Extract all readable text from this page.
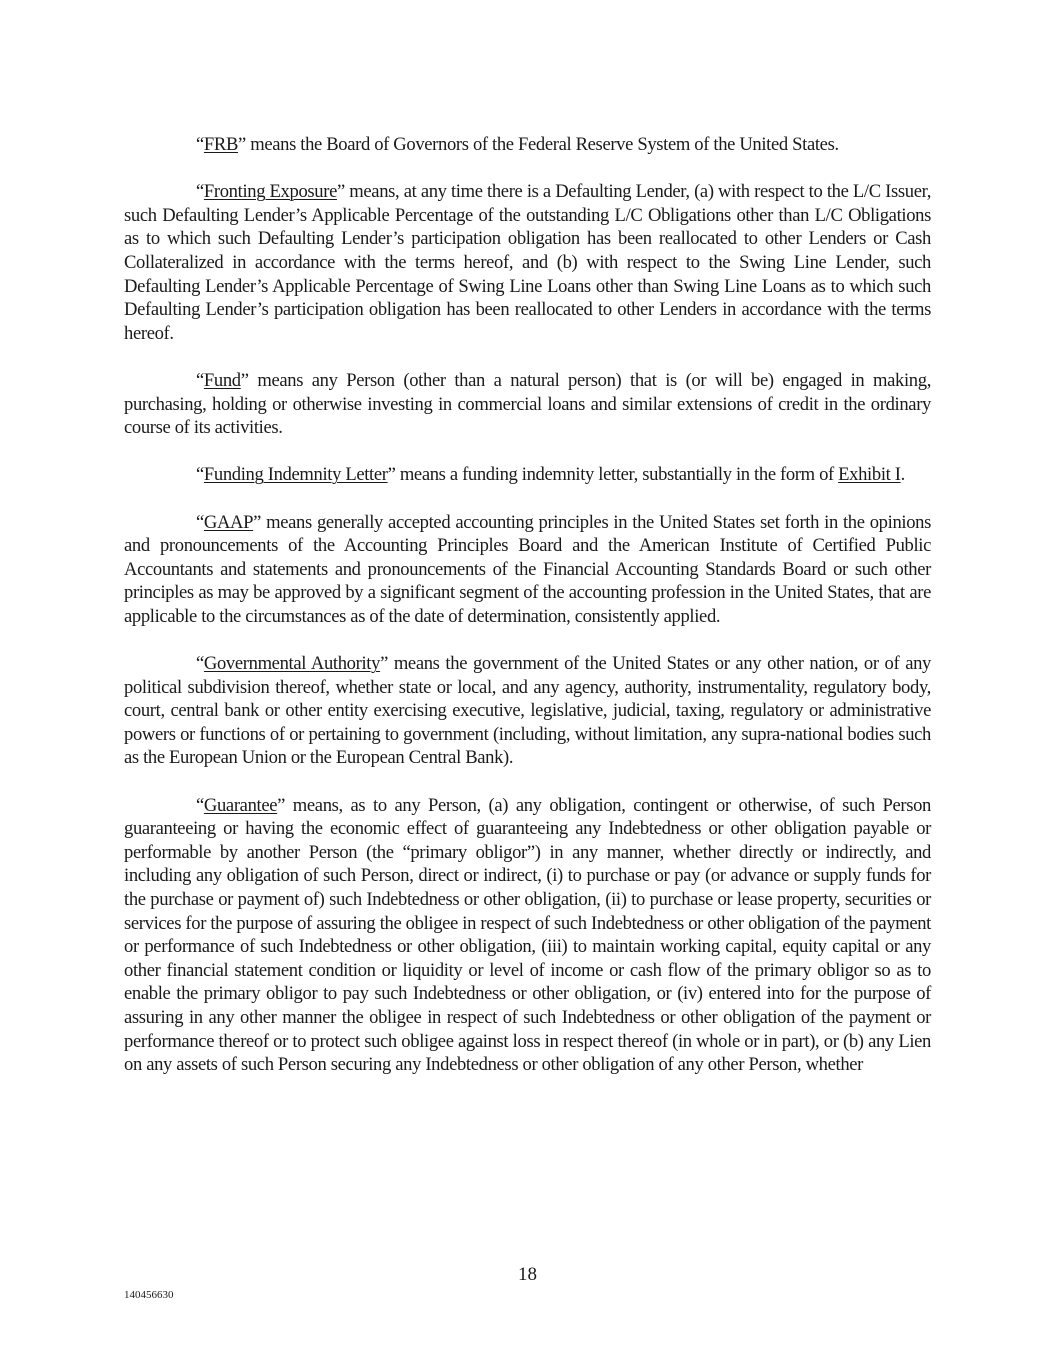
“FRB” means the Board of Governors of the Federal Reserve System of the United States.

“Fronting Exposure” means, at any time there is a Defaulting Lender, (a) with respect to the L/C Issuer, such Defaulting Lender’s Applicable Percentage of the outstanding L/C Obligations other than L/C Obligations as to which such Defaulting Lender’s participation obligation has been reallocated to other Lenders or Cash Collateralized in accordance with the terms hereof, and (b) with respect to the Swing Line Lender, such Defaulting Lender’s Applicable Percentage of Swing Line Loans other than Swing Line Loans as to which such Defaulting Lender’s participation obligation has been reallocated to other Lenders in accordance with the terms hereof.

“Fund” means any Person (other than a natural person) that is (or will be) engaged in making, purchasing, holding or otherwise investing in commercial loans and similar extensions of credit in the ordinary course of its activities.

“Funding Indemnity Letter” means a funding indemnity letter, substantially in the form of Exhibit I.

“GAAP” means generally accepted accounting principles in the United States set forth in the opinions and pronouncements of the Accounting Principles Board and the American Institute of Certified Public Accountants and statements and pronouncements of the Financial Accounting Standards Board or such other principles as may be approved by a significant segment of the accounting profession in the United States, that are applicable to the circumstances as of the date of determination, consistently applied.

“Governmental Authority” means the government of the United States or any other nation, or of any political subdivision thereof, whether state or local, and any agency, authority, instrumentality, regulatory body, court, central bank or other entity exercising executive, legislative, judicial, taxing, regulatory or administrative powers or functions of or pertaining to government (including, without limitation, any supra-national bodies such as the European Union or the European Central Bank).

“Guarantee” means, as to any Person, (a) any obligation, contingent or otherwise, of such Person guaranteeing or having the economic effect of guaranteeing any Indebtedness or other obligation payable or performable by another Person (the “primary obligor”) in any manner, whether directly or indirectly, and including any obligation of such Person, direct or indirect, (i) to purchase or pay (or advance or supply funds for the purchase or payment of) such Indebtedness or other obligation, (ii) to purchase or lease property, securities or services for the purpose of assuring the obligee in respect of such Indebtedness or other obligation of the payment or performance of such Indebtedness or other obligation, (iii) to maintain working capital, equity capital or any other financial statement condition or liquidity or level of income or cash flow of the primary obligor so as to enable the primary obligor to pay such Indebtedness or other obligation, or (iv) entered into for the purpose of assuring in any other manner the obligee in respect of such Indebtedness or other obligation of the payment or performance thereof or to protect such obligee against loss in respect thereof (in whole or in part), or (b) any Lien on any assets of such Person securing any Indebtedness or other obligation of any other Person, whether

18
140456630
